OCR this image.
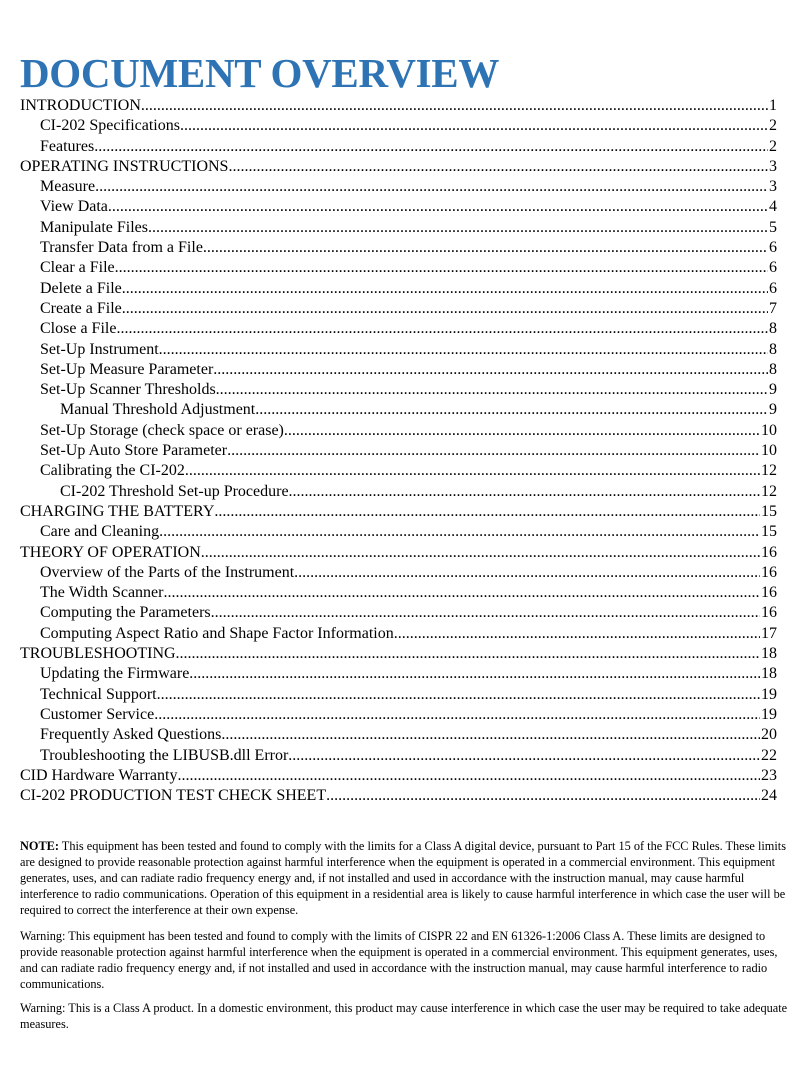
DOCUMENT OVERVIEW
INTRODUCTION .....	1
CI-202 Specifications .....	2
Features .....	2
OPERATING INSTRUCTIONS .....	3
Measure .....	3
View Data .....	4
Manipulate Files .....	5
Transfer Data from a File .....	6
Clear a File .....	6
Delete a File .....	6
Create a File .....	7
Close a File .....	8
Set-Up Instrument .....	8
Set-Up Measure Parameter .....	8
Set-Up Scanner Thresholds .....	9
Manual Threshold Adjustment .....	9
Set-Up Storage (check space or erase) .....	10
Set-Up Auto Store Parameter .....	10
Calibrating the CI-202 .....	12
CI-202 Threshold Set-up Procedure .....	12
CHARGING THE BATTERY .....	15
Care and Cleaning .....	15
THEORY OF OPERATION .....	16
Overview of the Parts of the Instrument .....	16
The Width Scanner .....	16
Computing the Parameters .....	16
Computing Aspect Ratio and Shape Factor Information .....	17
TROUBLESHOOTING .....	18
Updating the Firmware .....	18
Technical Support .....	19
Customer Service .....	19
Frequently Asked Questions .....	20
Troubleshooting the LIBUSB.dll Error .....	22
CID Hardware Warranty .....	23
CI-202 PRODUCTION TEST CHECK SHEET .....	24

NOTE: This equipment has been tested and found to comply with the limits for a Class A digital device, pursuant to Part 15 of the FCC Rules. These limits are designed to provide reasonable protection against harmful interference when the equipment is operated in a commercial environment. This equipment generates, uses, and can radiate radio frequency energy and, if not installed and used in accordance with the instruction manual, may cause harmful interference to radio communications. Operation of this equipment in a residential area is likely to cause harmful interference in which case the user will be required to correct the interference at their own expense.

Warning: This equipment has been tested and found to comply with the limits of CISPR 22 and EN 61326-1:2006 Class A. These limits are designed to provide reasonable protection against harmful interference when the equipment is operated in a commercial environment. This equipment generates, uses, and can radiate radio frequency energy and, if not installed and used in accordance with the instruction manual, may cause harmful interference to radio communications.

Warning: This is a Class A product. In a domestic environment, this product may cause interference in which case the user may be required to take adequate measures.
